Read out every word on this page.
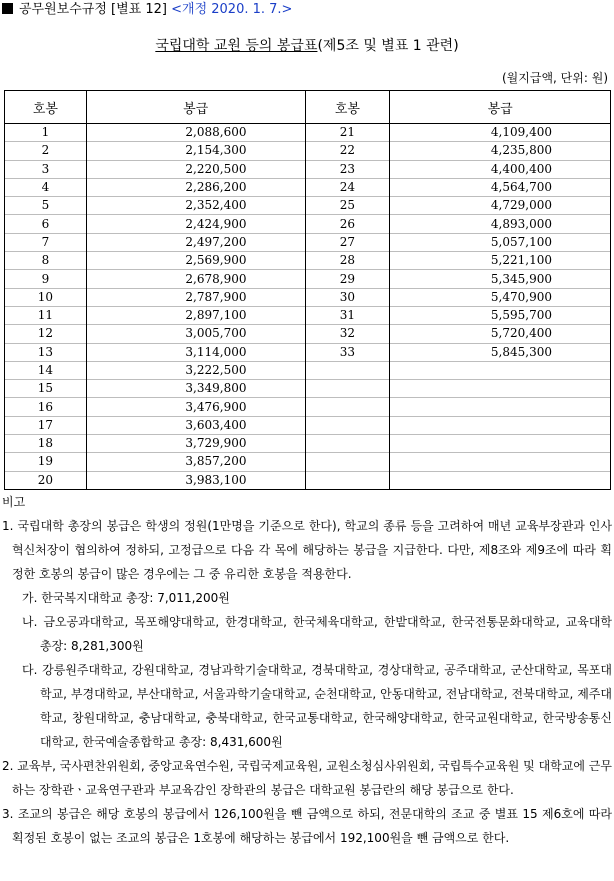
공무원보수규정 [별표 12] <개정 2020. 1. 7.>
국립대학 교원 등의 봉급표(제5조 및 별표 1 관련)
(월지급액, 단위: 원)
호봉	봉급	호봉	봉급
1	2,088,600	21	4,109,400
2	2,154,300	22	4,235,800
3	2,220,500	23	4,400,400
4	2,286,200	24	4,564,700
5	2,352,400	25	4,729,000
6	2,424,900	26	4,893,000
7	2,497,200	27	5,057,100
8	2,569,900	28	5,221,100
9	2,678,900	29	5,345,900
10	2,787,900	30	5,470,900
11	2,897,100	31	5,595,700
12	3,005,700	32	5,720,400
13	3,114,000	33	5,845,300
14	3,222,500		
15	3,349,800		
16	3,476,900		
17	3,603,400		
18	3,729,900		
19	3,857,200		
20	3,983,100		

비고

1. 국립대학 총장의 봉급은 학생의 정원(1만명을 기준으로 한다), 학교의 종류 등을 고려하여 매년 교육부장관과 인사혁신처장이 협의하여 정하되, 고정급으로 다음 각 목에 해당하는 봉급을 지급한다. 다만, 제8조와 제9조에 따라 획정한 호봉의 봉급이 많은 경우에는 그 중 유리한 호봉을 적용한다.

가. 한국복지대학교 총장: 7,011,200원

나. 금오공과대학교, 목포해양대학교, 한경대학교, 한국체육대학교, 한밭대학교, 한국전통문화대학교, 교육대학 총장: 8,281,300원

다. 강릉원주대학교, 강원대학교, 경남과학기술대학교, 경북대학교, 경상대학교, 공주대학교, 군산대학교, 목포대학교, 부경대학교, 부산대학교, 서울과학기술대학교, 순천대학교, 안동대학교, 전남대학교, 전북대학교, 제주대학교, 창원대학교, 충남대학교, 충북대학교, 한국교통대학교, 한국해양대학교, 한국교원대학교, 한국방송통신대학교, 한국예술종합학교 총장: 8,431,600원

2. 교육부, 국사편찬위원회, 중앙교육연수원, 국립국제교육원, 교원소청심사위원회, 국립특수교육원 및 대학교에 근무하는 장학관ㆍ교육연구관과 부교육감인 장학관의 봉급은 대학교원 봉급란의 해당 봉급으로 한다.

3. 조교의 봉급은 해당 호봉의 봉급에서 126,100원을 뺀 금액으로 하되, 전문대학의 조교 중 별표 15 제6호에 따라 획정된 호봉이 없는 조교의 봉급은 1호봉에 해당하는 봉급에서 192,100원을 뺀 금액으로 한다.
